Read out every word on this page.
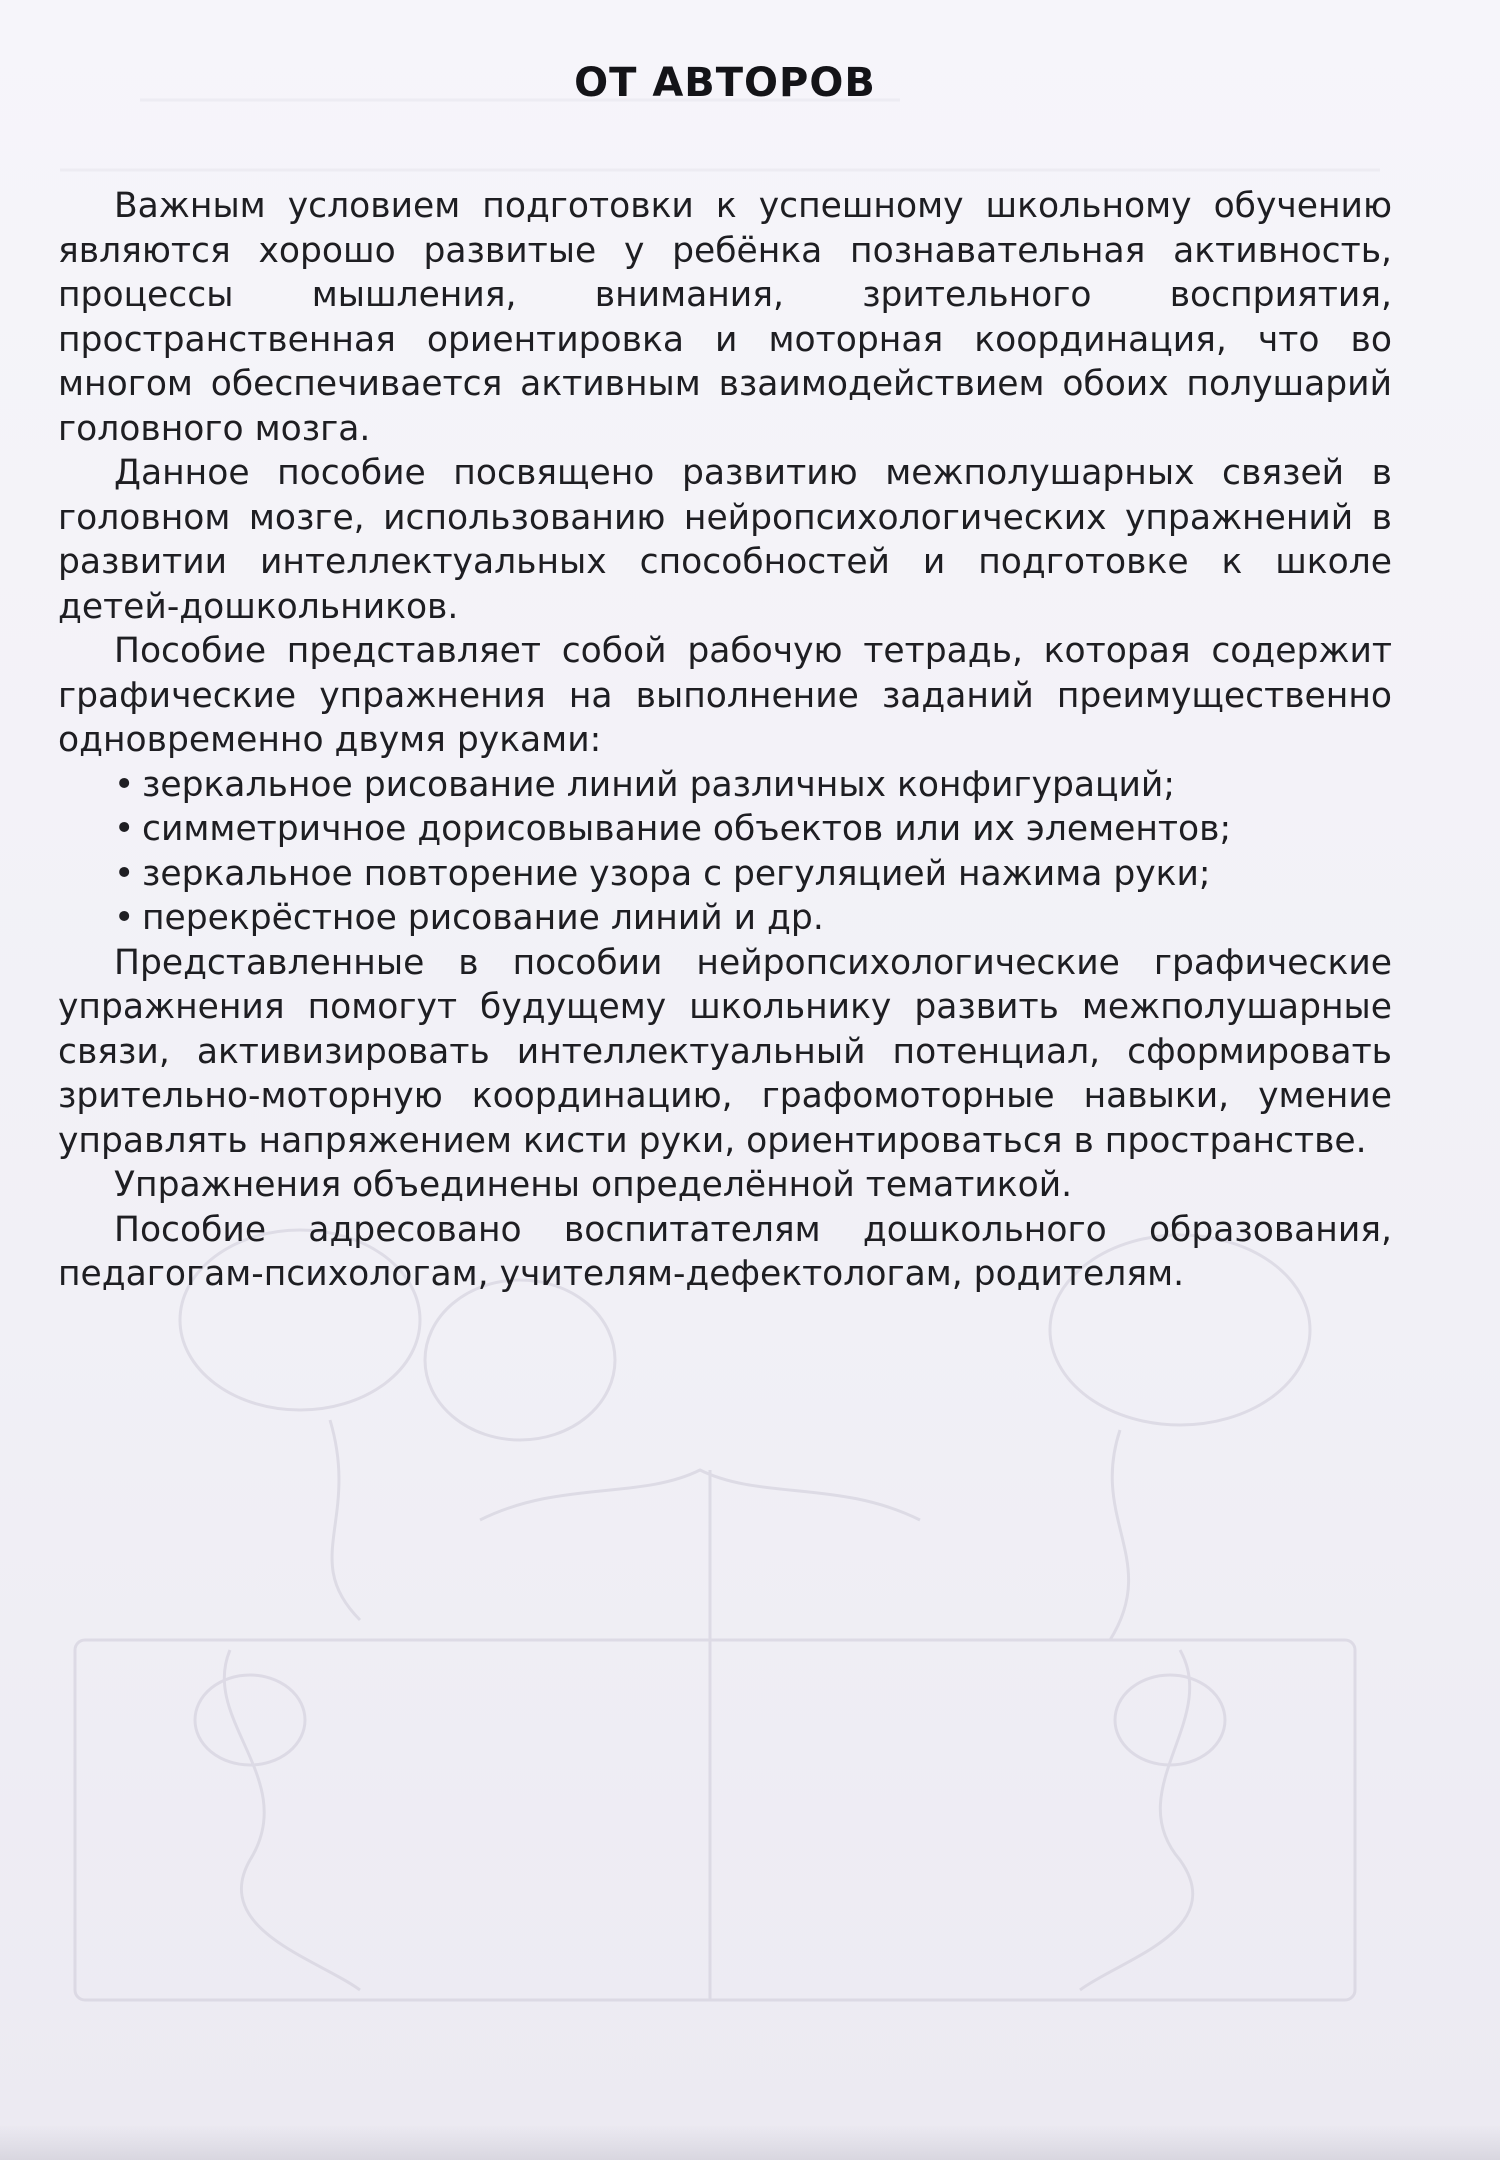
ОТ АВТОРОВ

Важным условием подготовки к успешному школьному обучению являются хорошо развитые у ребёнка познавательная активность, процессы мышления, внимания, зрительного восприятия, пространственная ориентировка и моторная координация, что во многом обеспечивается активным взаимодействием обоих полушарий головного мозга.

Данное пособие посвящено развитию межполушарных связей в головном мозге, использованию нейропсихологических упражнений в развитии интеллектуальных способностей и подготовке к школе детей-дошкольников.

Пособие представляет собой рабочую тетрадь, которая содержит графические упражнения на выполнение заданий преимущественно одновременно двумя руками:

• зеркальное рисование линий различных конфигураций;
• симметричное дорисовывание объектов или их элементов;
• зеркальное повторение узора с регуляцией нажима руки;
• перекрёстное рисование линий и др.

Представленные в пособии нейропсихологические графические упражнения помогут будущему школьнику развить межполушарные связи, активизировать интеллектуальный потенциал, сформировать зрительно-моторную координацию, графомоторные навыки, умение управлять напряжением кисти руки, ориентироваться в пространстве.

Упражнения объединены определённой тематикой.

Пособие адресовано воспитателям дошкольного образования, педагогам-психологам, учителям-дефектологам, родителям.
